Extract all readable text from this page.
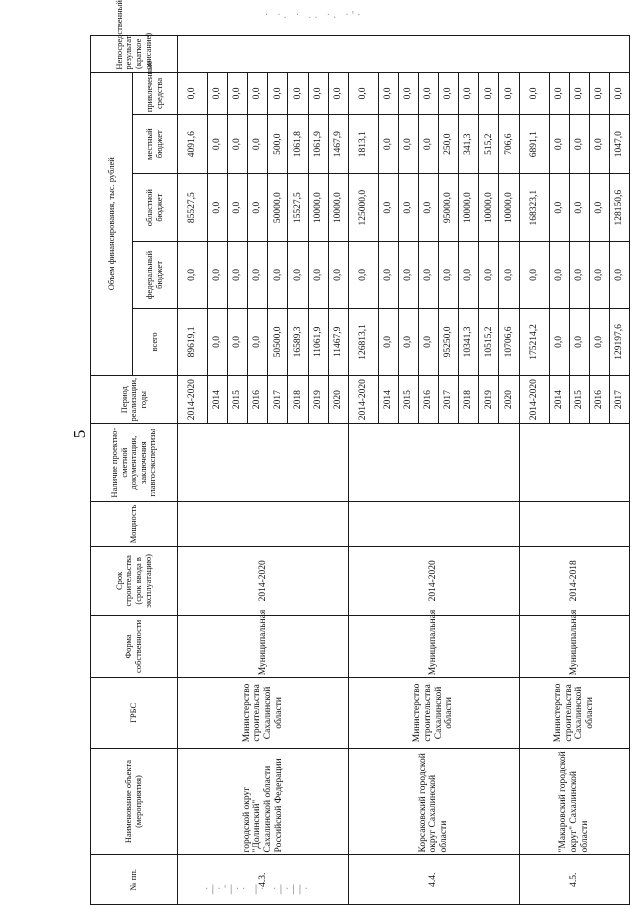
· ·. · .. ·. ·'·
·|·'|·· |· ·|·||·
5
№ пп.	Наименование объекта (мероприятия)	ГРБС	Форма собственности	Срок строительства (срок ввода в эксплуатацию)	Мощность	Наличие проектно-сметной документации, заключения главгосэкспертизы	Период реализации, годы	Объем финансирования, тыс. рублей					Непосредственный результат (краткое описание)
								всего	федеральный бюджет	областной бюджет	местный бюджет	привлеченные средства	
4.3.	городской округ "Долинский" Сахалинской области Российской Федерации	Министерство строительства Сахалинской области	Муниципальная	2014-2020			2014-2020	89619,1	0,0	85527,5	4091,6	0,0	
							2014	0,0	0,0	0,0	0,0	0,0	
							2015	0,0	0,0	0,0	0,0	0,0	
							2016	0,0	0,0	0,0	0,0	0,0	
							2017	50500,0	0,0	50000,0	500,0	0,0	
							2018	16589,3	0,0	15527,5	1061,8	0,0	
							2019	11061,9	0,0	10000,0	1061,9	0,0	
							2020	11467,9	0,0	10000,0	1467,9	0,0	
4.4.	Корсаковский городской округ Сахалинской области	Министерство строительства Сахалинской области	Муниципальная	2014-2020			2014-2020	126813,1	0,0	125000,0	1813,1	0,0	
							2014	0,0	0,0	0,0	0,0	0,0	
							2015	0,0	0,0	0,0	0,0	0,0	
							2016	0,0	0,0	0,0	0,0	0,0	
							2017	95250,0	0,0	95000,0	250,0	0,0	
							2018	10341,3	0,0	10000,0	341,3	0,0	
							2019	10515,2	0,0	10000,0	515,2	0,0	
							2020	10706,6	0,0	10000,0	706,6	0,0	
4.5.	"Макаровский городской округ" Сахалинской области	Министерство строительства Сахалинской области	Муниципальная	2014-2018			2014-2020	175214,2	0,0	168323,1	6891,1	0,0	
							2014	0,0	0,0	0,0	0,0	0,0	
							2015	0,0	0,0	0,0	0,0	0,0	
							2016	0,0	0,0	0,0	0,0	0,0	
							2017	129197,6	0,0	128150,6	1047,0	0,0	
